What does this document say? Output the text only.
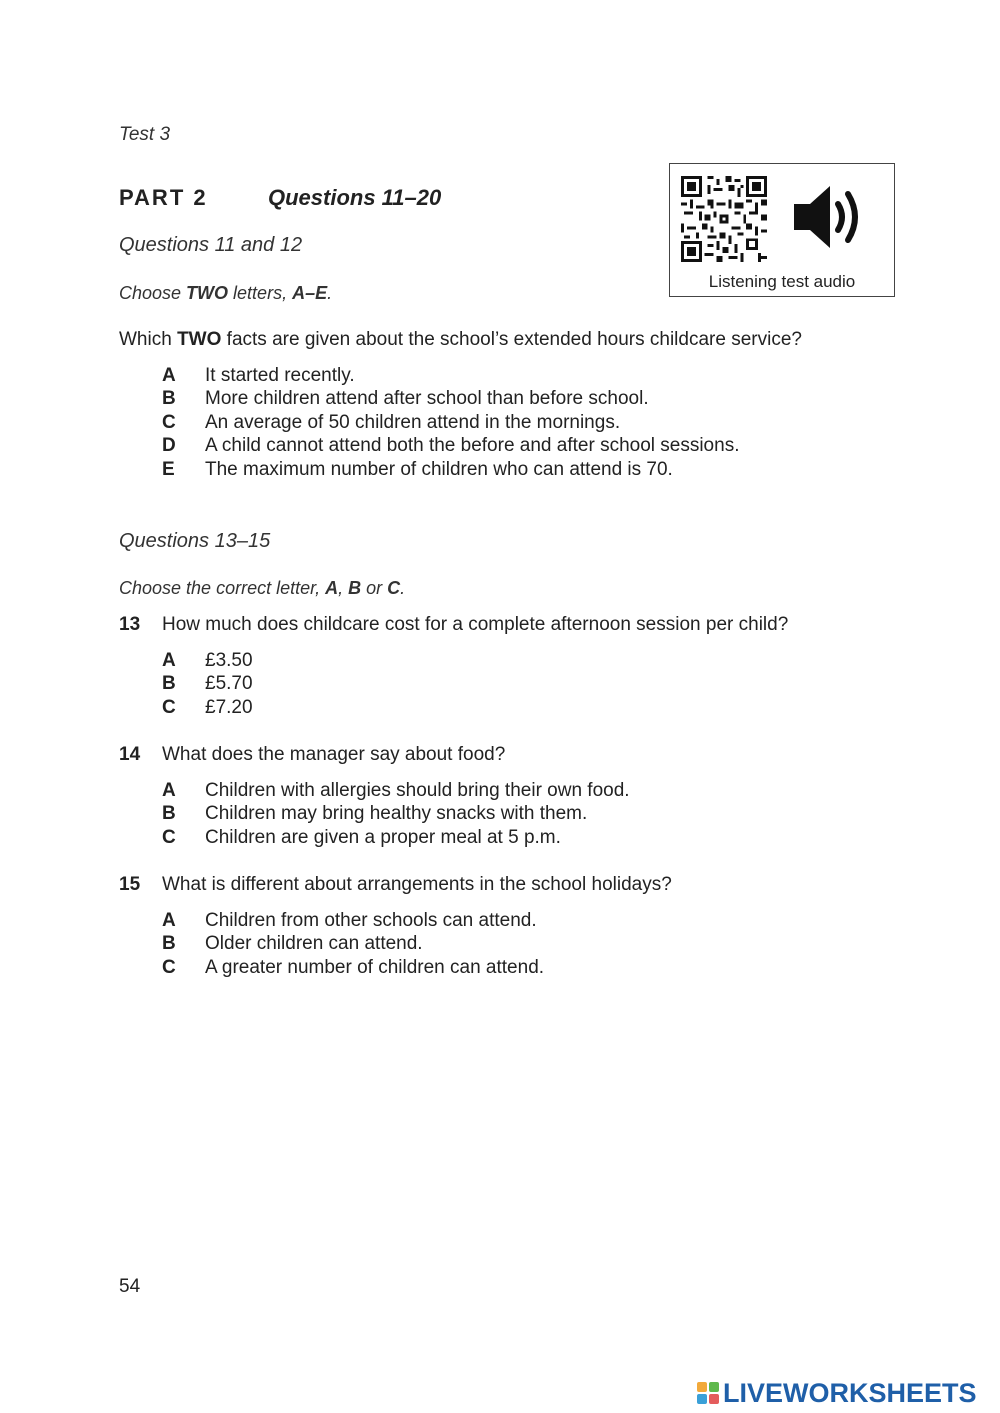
Test 3
PART 2	Questions 11–20
Listening test audio
Questions 11 and 12
Choose TWO letters, A–E.
Which TWO facts are given about the school’s extended hours childcare service?
A It started recently.
B More children attend after school than before school.
C An average of 50 children attend in the mornings.
D A child cannot attend both the before and after school sessions.
E The maximum number of children who can attend is 70.
Questions 13–15
Choose the correct letter, A, B or C.
13 How much does childcare cost for a complete afternoon session per child?
A £3.50
B £5.70
C £7.20
14 What does the manager say about food?
A Children with allergies should bring their own food.
B Children may bring healthy snacks with them.
C Children are given a proper meal at 5 p.m.
15 What is different about arrangements in the school holidays?
A Children from other schools can attend.
B Older children can attend.
C A greater number of children can attend.
54
LIVEWORKSHEETS
